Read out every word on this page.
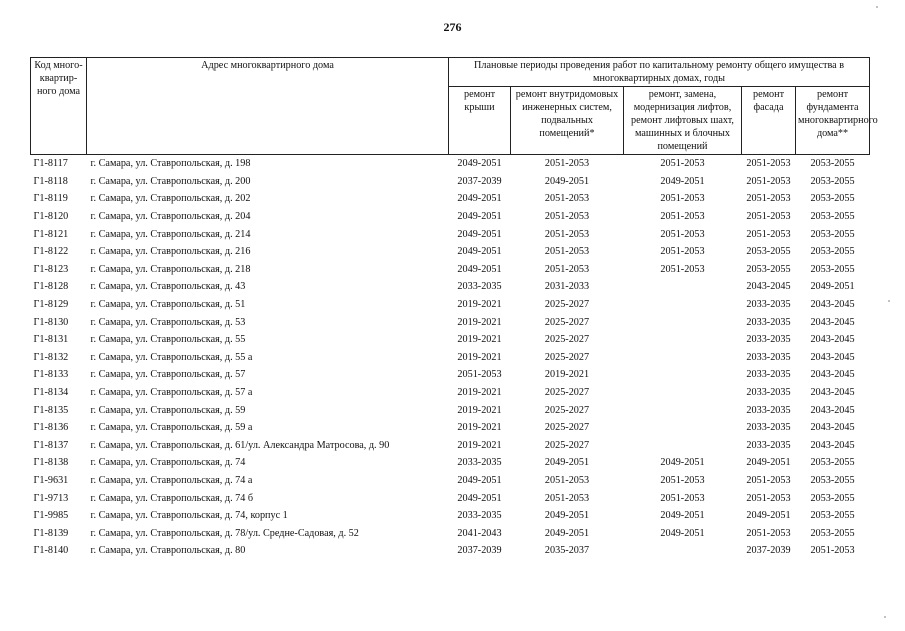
276
Код много-квартир-ного дома	Адрес многоквартирного дома	Плановые периоды проведения работ по капитальному ремонту общего имущества в многоквартирных домах, годы				
		ремонт крыши	ремонт внутридомовых инженерных систем, подвальных помещений*	ремонт, замена, модернизация лифтов, ремонт лифтовых шахт, машинных и блочных помещений	ремонт фасада	ремонт фундамента многоквартирного дома**
Г1-8117	г. Самара, ул. Ставропольская, д. 198	2049-2051	2051-2053	2051-2053	2051-2053	2053-2055
Г1-8118	г. Самара, ул. Ставропольская, д. 200	2037-2039	2049-2051	2049-2051	2051-2053	2053-2055
Г1-8119	г. Самара, ул. Ставропольская, д. 202	2049-2051	2051-2053	2051-2053	2051-2053	2053-2055
Г1-8120	г. Самара, ул. Ставропольская, д. 204	2049-2051	2051-2053	2051-2053	2051-2053	2053-2055
Г1-8121	г. Самара, ул. Ставропольская, д. 214	2049-2051	2051-2053	2051-2053	2051-2053	2053-2055
Г1-8122	г. Самара, ул. Ставропольская, д. 216	2049-2051	2051-2053	2051-2053	2053-2055	2053-2055
Г1-8123	г. Самара, ул. Ставропольская, д. 218	2049-2051	2051-2053	2051-2053	2053-2055	2053-2055
Г1-8128	г. Самара, ул. Ставропольская, д. 43	2033-2035	2031-2033		2043-2045	2049-2051
Г1-8129	г. Самара, ул. Ставропольская, д. 51	2019-2021	2025-2027		2033-2035	2043-2045
Г1-8130	г. Самара, ул. Ставропольская, д. 53	2019-2021	2025-2027		2033-2035	2043-2045
Г1-8131	г. Самара, ул. Ставропольская, д. 55	2019-2021	2025-2027		2033-2035	2043-2045
Г1-8132	г. Самара, ул. Ставропольская, д. 55 а	2019-2021	2025-2027		2033-2035	2043-2045
Г1-8133	г. Самара, ул. Ставропольская, д. 57	2051-2053	2019-2021		2033-2035	2043-2045
Г1-8134	г. Самара, ул. Ставропольская, д. 57 а	2019-2021	2025-2027		2033-2035	2043-2045
Г1-8135	г. Самара, ул. Ставропольская, д. 59	2019-2021	2025-2027		2033-2035	2043-2045
Г1-8136	г. Самара, ул. Ставропольская, д. 59 а	2019-2021	2025-2027		2033-2035	2043-2045
Г1-8137	г. Самара, ул. Ставропольская, д. 61/ул. Александра Матросова, д. 90	2019-2021	2025-2027		2033-2035	2043-2045
Г1-8138	г. Самара, ул. Ставропольская, д. 74	2033-2035	2049-2051	2049-2051	2049-2051	2053-2055
Г1-9631	г. Самара, ул. Ставропольская, д. 74 а	2049-2051	2051-2053	2051-2053	2051-2053	2053-2055
Г1-9713	г. Самара, ул. Ставропольская, д. 74 б	2049-2051	2051-2053	2051-2053	2051-2053	2053-2055
Г1-9985	г. Самара, ул. Ставропольская, д. 74, корпус 1	2033-2035	2049-2051	2049-2051	2049-2051	2053-2055
Г1-8139	г. Самара, ул. Ставропольская, д. 78/ул. Средне-Садовая, д. 52	2041-2043	2049-2051	2049-2051	2051-2053	2053-2055
Г1-8140	г. Самара, ул. Ставропольская, д. 80	2037-2039	2035-2037		2037-2039	2051-2053
